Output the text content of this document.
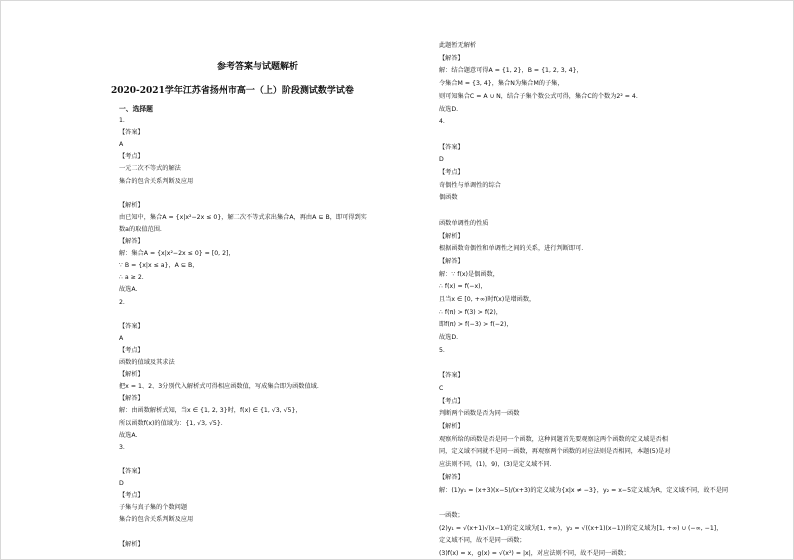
参考答案与试题解析
2020-2021学年江苏省扬州市高一（上）阶段测试数学试卷
一、选择题
1.
【答案】
A
【考点】
一元二次不等式的解法
集合的包含关系判断及应用
【解析】
由已知中，集合A = {x|x²−2x ≤ 0}，解二次不等式求出集合A，再由A ⊆ B，即可得到实
数a的取值范围.
【解答】
解：集合A = {x|x²−2x ≤ 0} = [0, 2]，
∵ B = {x|x ≤ a}，A ⊆ B，
∴ a ≥ 2.
故选A.
2.
【答案】
A
【考点】
函数的值域及其求法
【解析】
把x = 1、2、3分别代入解析式可得相应函数值，写成集合即为函数值域.
【解答】
解：由函数解析式知，当x ∈ {1, 2, 3}时，f(x) ∈ {1, √3, √5}，
所以函数f(x)的值域为：{1, √3, √5}.
故选A.
3.
【答案】
D
【考点】
子集与真子集的个数问题
集合的包含关系判断及应用
【解析】
此题暂无解析
【解答】
解：结合题意可得A = {1, 2}，B = {1, 2, 3, 4}，
令集合M = {3, 4}，集合N为集合M的子集，
则可知集合C = A ∪ N，结合子集个数公式可得，集合C的个数为2² = 4.
故选D.
4.
【答案】
D
【考点】
奇偶性与单调性的综合
偶函数
函数单调性的性质
【解析】
根据函数奇偶性和单调性之间的关系，进行判断即可.
【解答】
解：∵ f(x)是偶函数，
∴ f(x) = f(−x)，
且当x ∈ [0, +∞)时f(x)是增函数，
∴ f(π) > f(3) > f(2)，
即f(π) > f(−3) > f(−2)，
故选D.
5.
【答案】
C
【考点】
判断两个函数是否为同一函数
【解析】
观察所给的函数是否是同一个函数，这种问题首先要观察这两个函数的定义域是否相
同，定义域不同就不是同一函数，再观察两个函数的对应法则是否相同，本题(5)是对
应法则不同，(1)，9)，(3)是定义域不同.
【解答】
解：(1)y₁ = (x+3)(x−5)/(x+3)的定义域为{x|x ≠ −3}，y₂ = x−5定义域为R，定义域不同，故不是同
一函数；
(2)y₁ = √(x+1)√(x−1)的定义域为[1, +∞)，y₂ = √((x+1)(x−1))的定义域为[1, +∞) ∪ (−∞, −1]，
定义域不同，故不是同一函数；
(3)f(x) = x，g(x) = √(x²) = |x|，对应法则不同，故不是同一函数；
